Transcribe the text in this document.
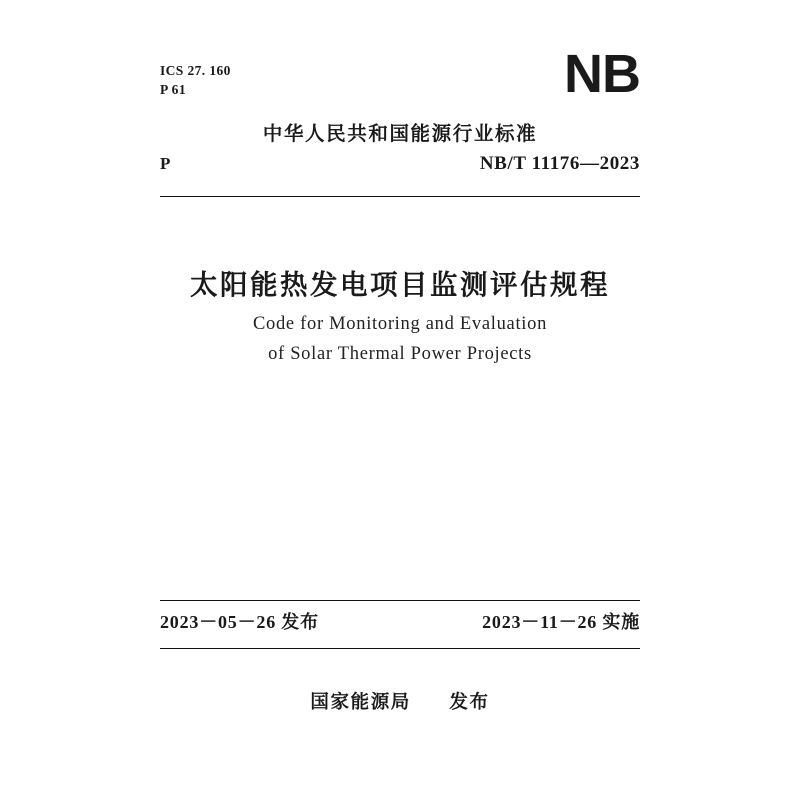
ICS 27. 160
P 61	NB
中华人民共和国能源行业标准
P	NB/T 11176—2023
太阳能热发电项目监测评估规程
Code for Monitoring and Evaluation
of Solar Thermal Power Projects
2023－05－26 发布	2023－11－26 实施
国家能源局 发布
